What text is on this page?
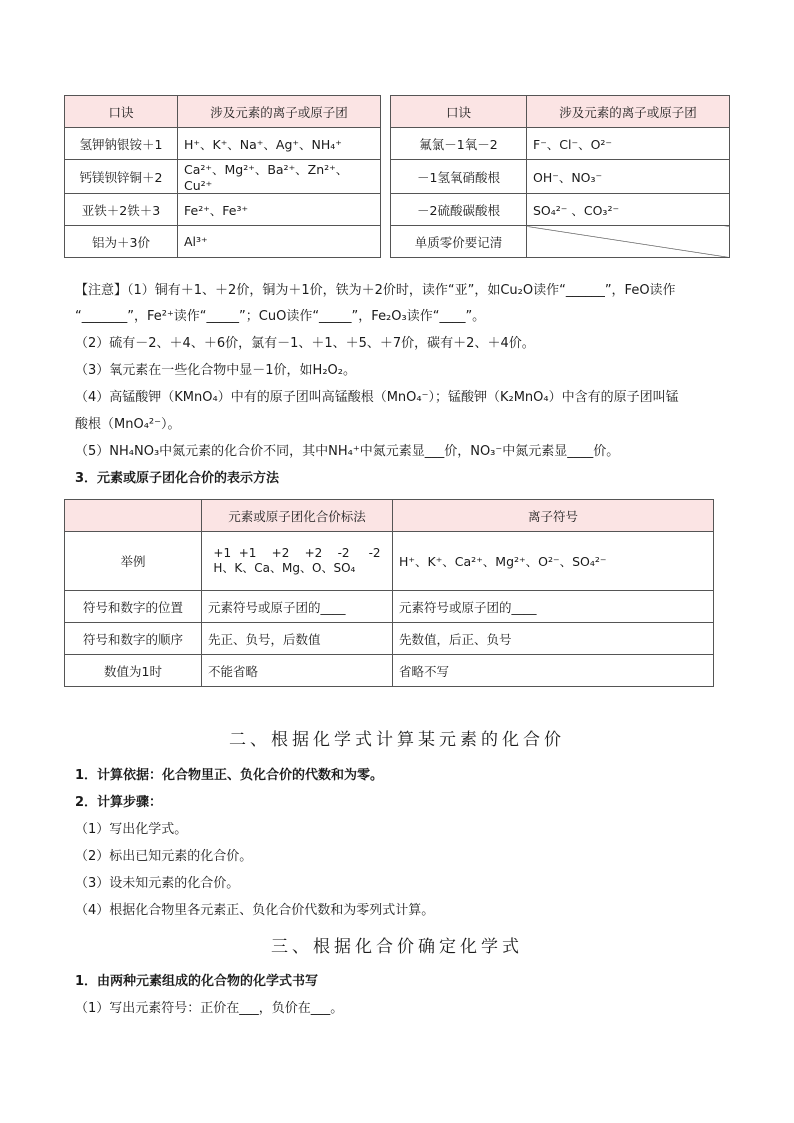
口诀	涉及元素的离子或原子团		口诀	涉及元素的离子或原子团
氢钾钠银铵＋1	H⁺、K⁺、Na⁺、Ag⁺、NH₄⁺		氟氯－1氧－2	F⁻、Cl⁻、O²⁻
钙镁钡锌铜＋2	Ca²⁺、Mg²⁺、Ba²⁺、Zn²⁺、Cu²⁺		－1氢氧硝酸根	OH⁻、NO₃⁻
亚铁＋2铁＋3	Fe²⁺、Fe³⁺		－2硫酸碳酸根	SO₄²⁻ 、CO₃²⁻
铝为＋3价	Al³⁺		单质零价要记清	
【注意】（1）铜有＋1、＋2价，铜为＋1价，铁为＋2价时，读作“亚”，如Cu₂O读作“______”，FeO读作
“_______”，Fe²⁺读作“_____”；CuO读作“_____”，Fe₂O₃读作“____”。
（2）硫有－2、＋4、＋6价，氯有－1、＋1、＋5、＋7价，碳有＋2、＋4价。
（3）氧元素在一些化合物中显－1价，如H₂O₂。
（4）高锰酸钾（KMnO₄）中有的原子团叫高锰酸根（MnO₄⁻）；锰酸钾（K₂MnO₄）中含有的原子团叫锰
酸根（MnO₄²⁻）。
（5）NH₄NO₃中氮元素的化合价不同，其中NH₄⁺中氮元素显___价，NO₃⁻中氮元素显____价。
3．元素或原子团化合价的表示方法
	元素或原子团化合价标法	离子符号
举例	+1  +1    +2    +2    -2     -2
H、K、Ca、Mg、O、SO₄	H⁺、K⁺、Ca²⁺、Mg²⁺、O²⁻、SO₄²⁻
符号和数字的位置	元素符号或原子团的____	元素符号或原子团的____
符号和数字的顺序	先正、负号，后数值	先数值，后正、负号
数值为1时	不能省略	省略不写
二、根据化学式计算某元素的化合价
1．计算依据：化合物里正、负化合价的代数和为零。
2．计算步骤：
（1）写出化学式。
（2）标出已知元素的化合价。
（3）设未知元素的化合价。
（4）根据化合物里各元素正、负化合价代数和为零列式计算。
三、根据化合价确定化学式
1．由两种元素组成的化合物的化学式书写
（1）写出元素符号：正价在___，负价在___。
